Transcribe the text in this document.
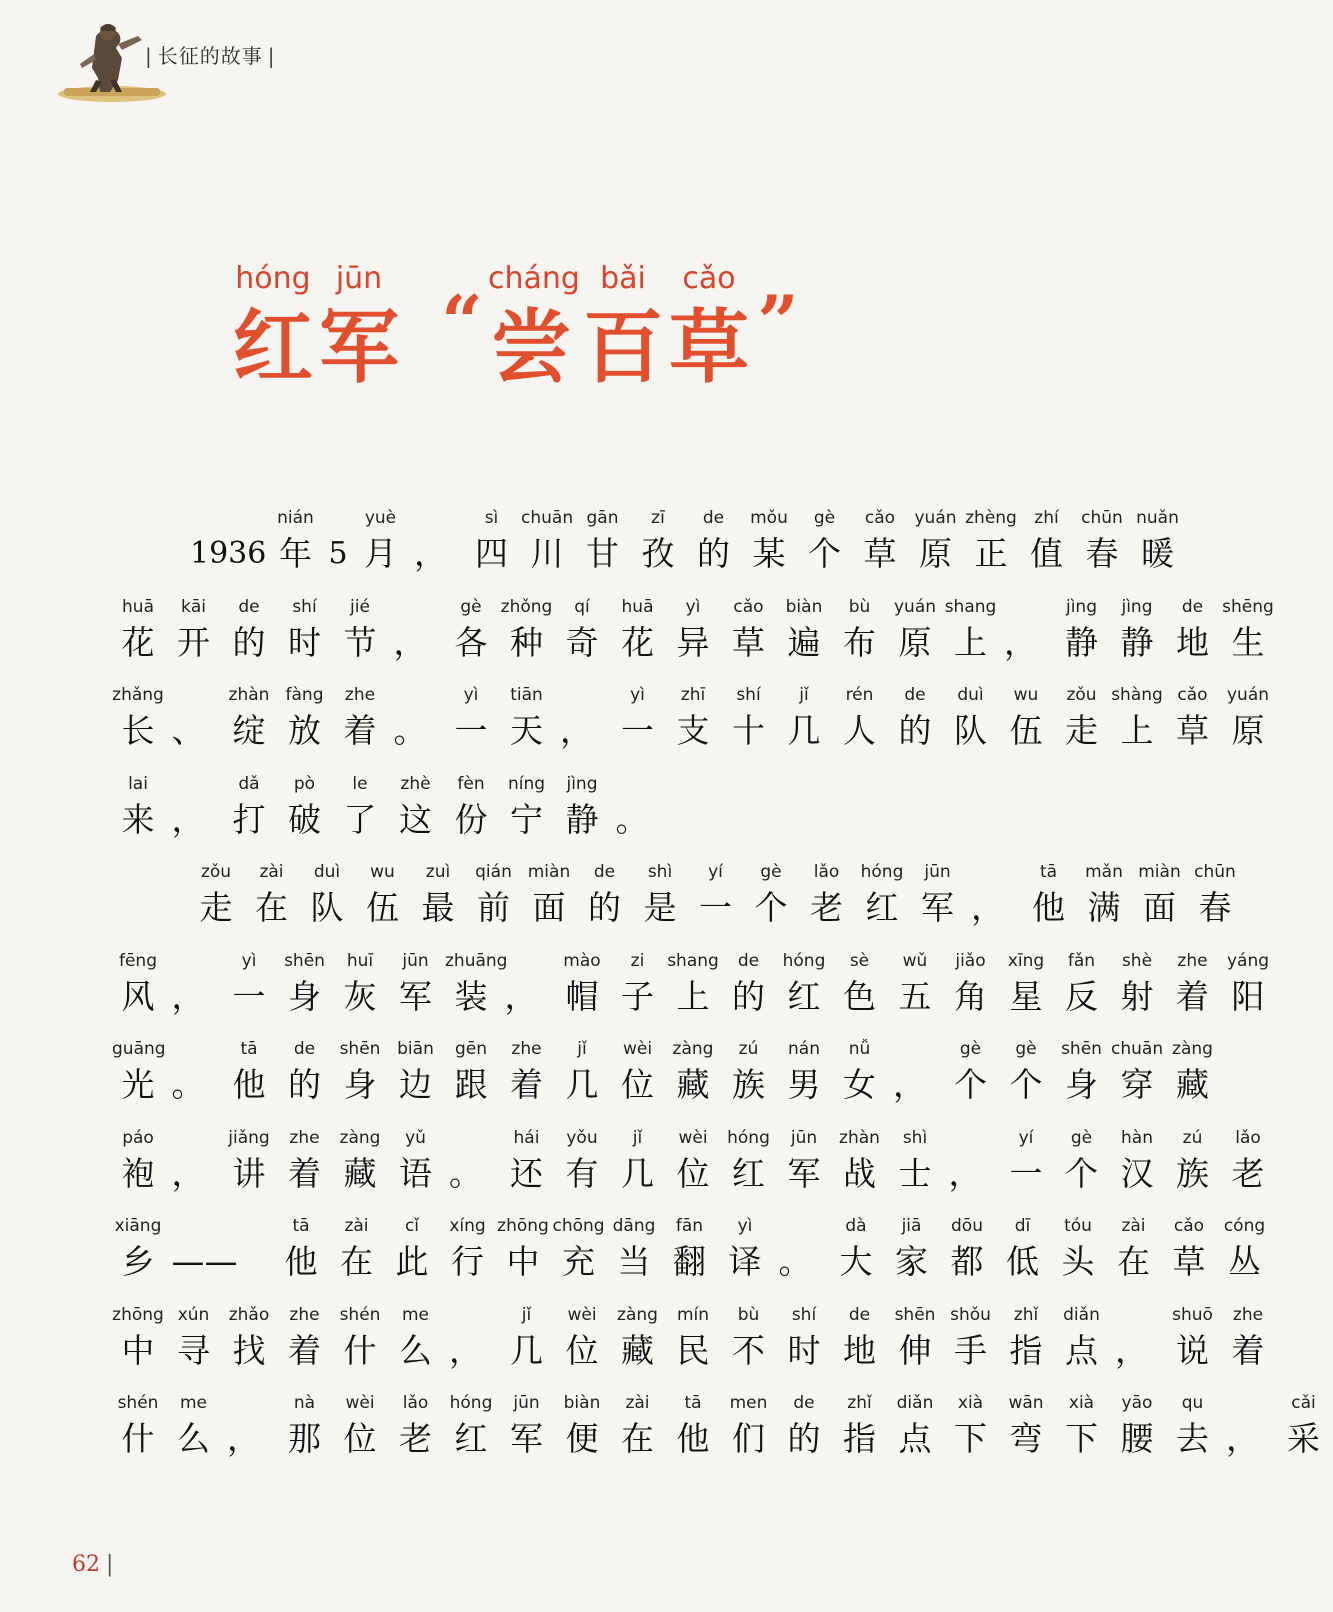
| 长征的故事 |
hóng
红
jūn
军 “
cháng
尝
bǎi
百
cǎo
草 ”
1936
nián
年 5
yuè
月 ，
sì
四
chuān
川
gān
甘
zī
孜
de
的
mǒu
某
gè
个
cǎo
草
yuán
原
zhèng
正
zhí
值
chūn
春
nuǎn
暖
huā
花
kāi
开
de
的
shí
时
jié
节 ，
gè
各
zhǒng
种
qí
奇
huā
花
yì
异
cǎo
草
biàn
遍
bù
布
yuán
原
shang
上 ，
jìng
静
jìng
静
de
地
shēng
生
zhǎng
长 、
zhàn
绽
fàng
放
zhe
着 。
yì
一
tiān
天 ，
yì
一
zhī
支
shí
十
jǐ
几
rén
人
de
的
duì
队
wu
伍
zǒu
走
shàng
上
cǎo
草
yuán
原
lai
来 ，
dǎ
打
pò
破
le
了
zhè
这
fèn
份
níng
宁
jìng
静 。
zǒu
走
zài
在
duì
队
wu
伍
zuì
最
qián
前
miàn
面
de
的
shì
是
yí
一
gè
个
lǎo
老
hóng
红
jūn
军 ，
tā
他
mǎn
满
miàn
面
chūn
春
fēng
风 ，
yì
一
shēn
身
huī
灰
jūn
军
zhuāng
装 ，
mào
帽
zi
子
shang
上
de
的
hóng
红
sè
色
wǔ
五
jiǎo
角
xīng
星
fǎn
反
shè
射
zhe
着
yáng
阳
guāng
光 。
tā
他
de
的
shēn
身
biān
边
gēn
跟
zhe
着
jǐ
几
wèi
位
zàng
藏
zú
族
nán
男
nǚ
女 ，
gè
个
gè
个
shēn
身
chuān
穿
zàng
藏
páo
袍 ，
jiǎng
讲
zhe
着
zàng
藏
yǔ
语 。
hái
还
yǒu
有
jǐ
几
wèi
位
hóng
红
jūn
军
zhàn
战
shì
士 ，
yí
一
gè
个
hàn
汉
zú
族
lǎo
老
xiāng
乡 ——
tā
他
zài
在
cǐ
此
xíng
行
zhōng
中
chōng
充
dāng
当
fān
翻
yì
译 。
dà
大
jiā
家
dōu
都
dī
低
tóu
头
zài
在
cǎo
草
cóng
丛
zhōng
中
xún
寻
zhǎo
找
zhe
着
shén
什
me
么 ，
jǐ
几
wèi
位
zàng
藏
mín
民
bù
不
shí
时
de
地
shēn
伸
shǒu
手
zhǐ
指
diǎn
点 ，
shuō
说
zhe
着
shén
什
me
么 ，
nà
那
wèi
位
lǎo
老
hóng
红
jūn
军
biàn
便
zài
在
tā
他
men
们
de
的
zhǐ
指
diǎn
点
xià
下
wān
弯
xià
下
yāo
腰
qu
去 ，
cǎi
采
62 |
